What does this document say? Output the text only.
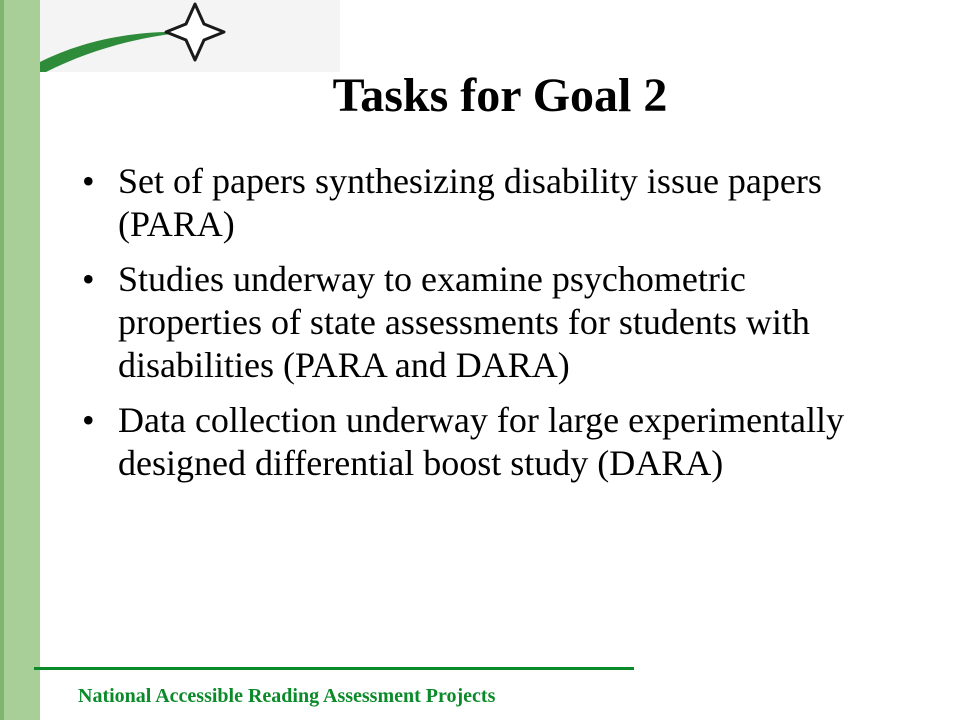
Tasks for Goal 2
• Set of papers synthesizing disability issue papers (PARA)
• Studies underway to examine psychometric properties of state assessments for students with disabilities (PARA and DARA)
• Data collection underway for large experimentally designed differential boost study (DARA)
National Accessible Reading Assessment Projects
